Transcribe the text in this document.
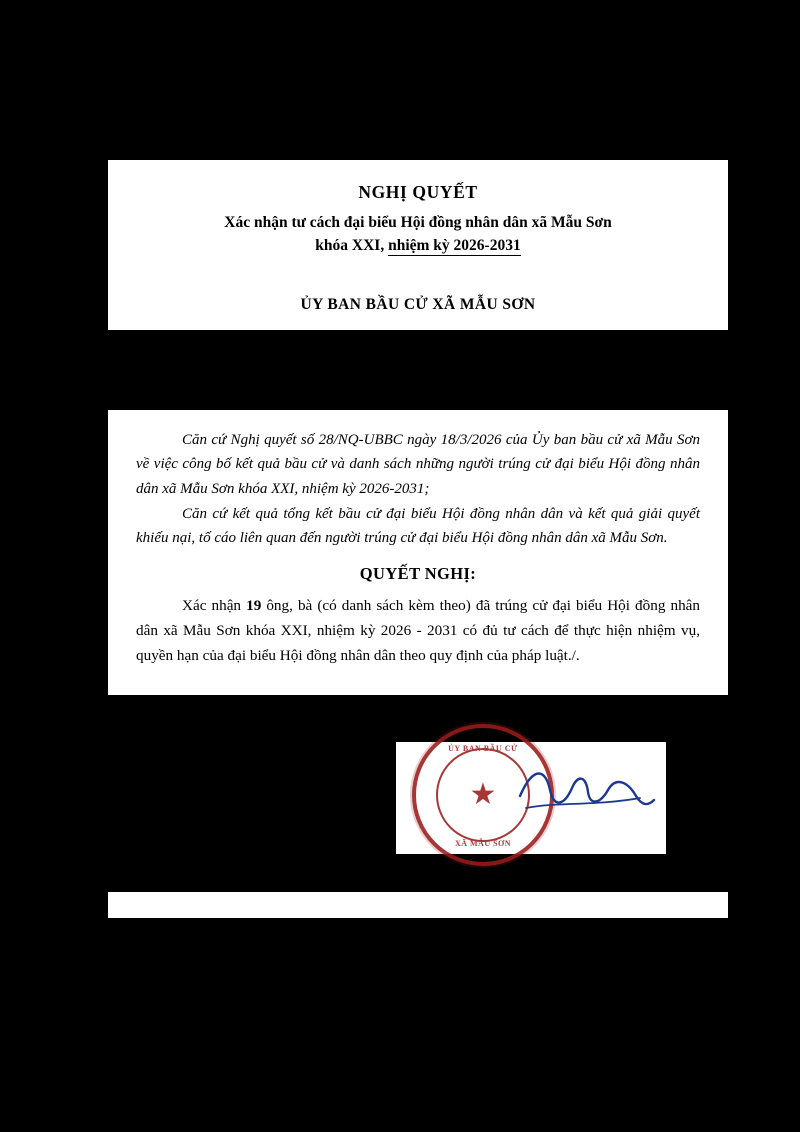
NGHỊ QUYẾT
Xác nhận tư cách đại biểu Hội đồng nhân dân xã Mẫu Sơn
khóa XXI, nhiệm kỳ 2026-2031
ỦY BAN BẦU CỬ XÃ MẪU SƠN

Căn cứ Nghị quyết số 28/NQ-UBBC ngày 18/3/2026 của Ủy ban bầu cử xã Mẫu Sơn về việc công bố kết quả bầu cử và danh sách những người trúng cử đại biểu Hội đồng nhân dân xã Mẫu Sơn khóa XXI, nhiệm kỳ 2026-2031;

Căn cứ kết quả tổng kết bầu cử đại biểu Hội đồng nhân dân và kết quả giải quyết khiếu nại, tố cáo liên quan đến người trúng cử đại biểu Hội đồng nhân dân xã Mẫu Sơn.

QUYẾT NGHỊ:

Xác nhận 19 ông, bà (có danh sách kèm theo) đã trúng cử đại biểu Hội đồng nhân dân xã Mẫu Sơn khóa XXI, nhiệm kỳ 2026 - 2031 có đủ tư cách để thực hiện nhiệm vụ, quyền hạn của đại biểu Hội đồng nhân dân theo quy định của pháp luật./.

ỦY BAN BẦU CỬ
★
XÃ MẪU SƠN
